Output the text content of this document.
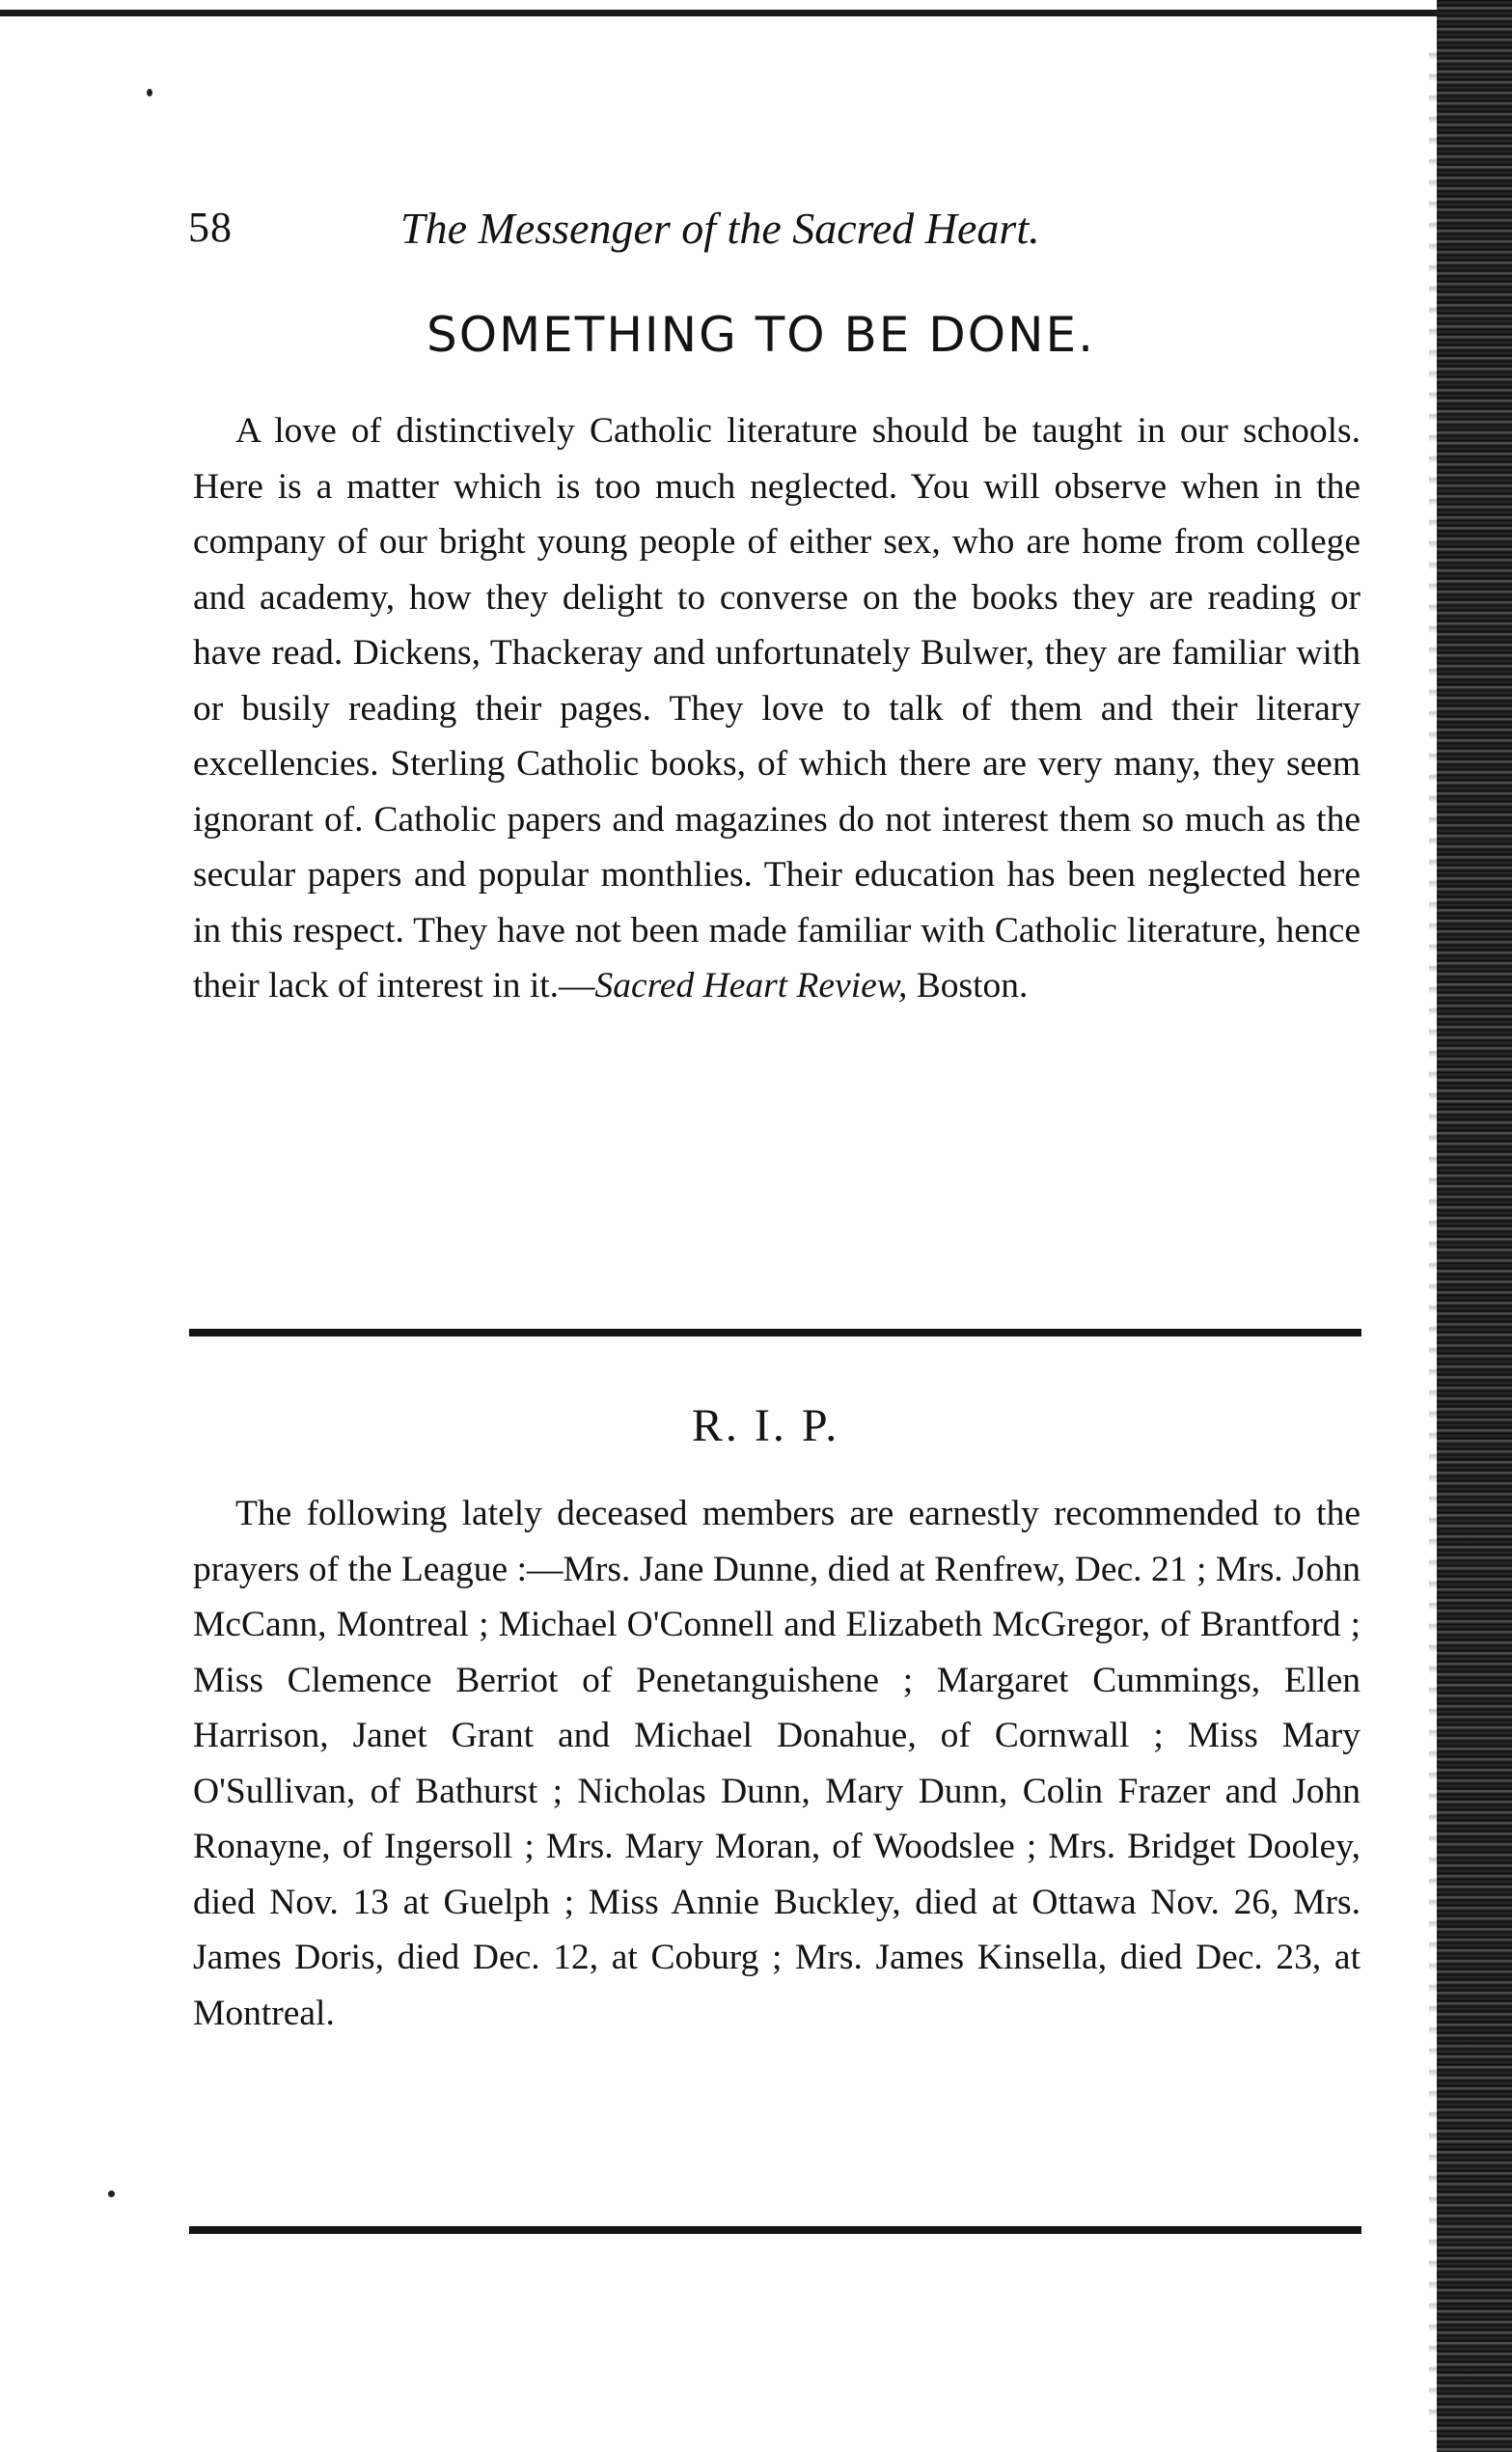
58	The Messenger of the Sacred Heart.
SOMETHING TO BE DONE.

A love of distinctively Catholic literature should be taught in our schools. Here is a matter which is too much neglected. You will observe when in the company of our bright young people of either sex, who are home from college and academy, how they delight to converse on the books they are reading or have read. Dickens, Thackeray and unfortunately Bulwer, they are familiar with or busily reading their pages. They love to talk of them and their literary excellencies. Sterling Catholic books, of which there are very many, they seem ignorant of. Catholic papers and magazines do not interest them so much as the secular papers and popular monthlies. Their education has been neglected here in this respect. They have not been made familiar with Catholic literature, hence their lack of interest in it.—Sacred Heart Review, Boston.

R. I. P.

The following lately deceased members are earnestly recommended to the prayers of the League :—Mrs. Jane Dunne, died at Renfrew, Dec. 21 ; Mrs. John McCann, Montreal ; Michael O'Connell and Elizabeth McGregor, of Brantford ; Miss Clemence Berriot of Penetanguishene ; Margaret Cummings, Ellen Harrison, Janet Grant and Michael Donahue, of Cornwall ; Miss Mary O'Sullivan, of Bathurst ; Nicholas Dunn, Mary Dunn, Colin Frazer and John Ronayne, of Ingersoll ; Mrs. Mary Moran, of Woodslee ; Mrs. Bridget Dooley, died Nov. 13 at Guelph ; Miss Annie Buckley, died at Ottawa Nov. 26, Mrs. James Doris, died Dec. 12, at Coburg ; Mrs. James Kinsella, died Dec. 23, at Montreal.
